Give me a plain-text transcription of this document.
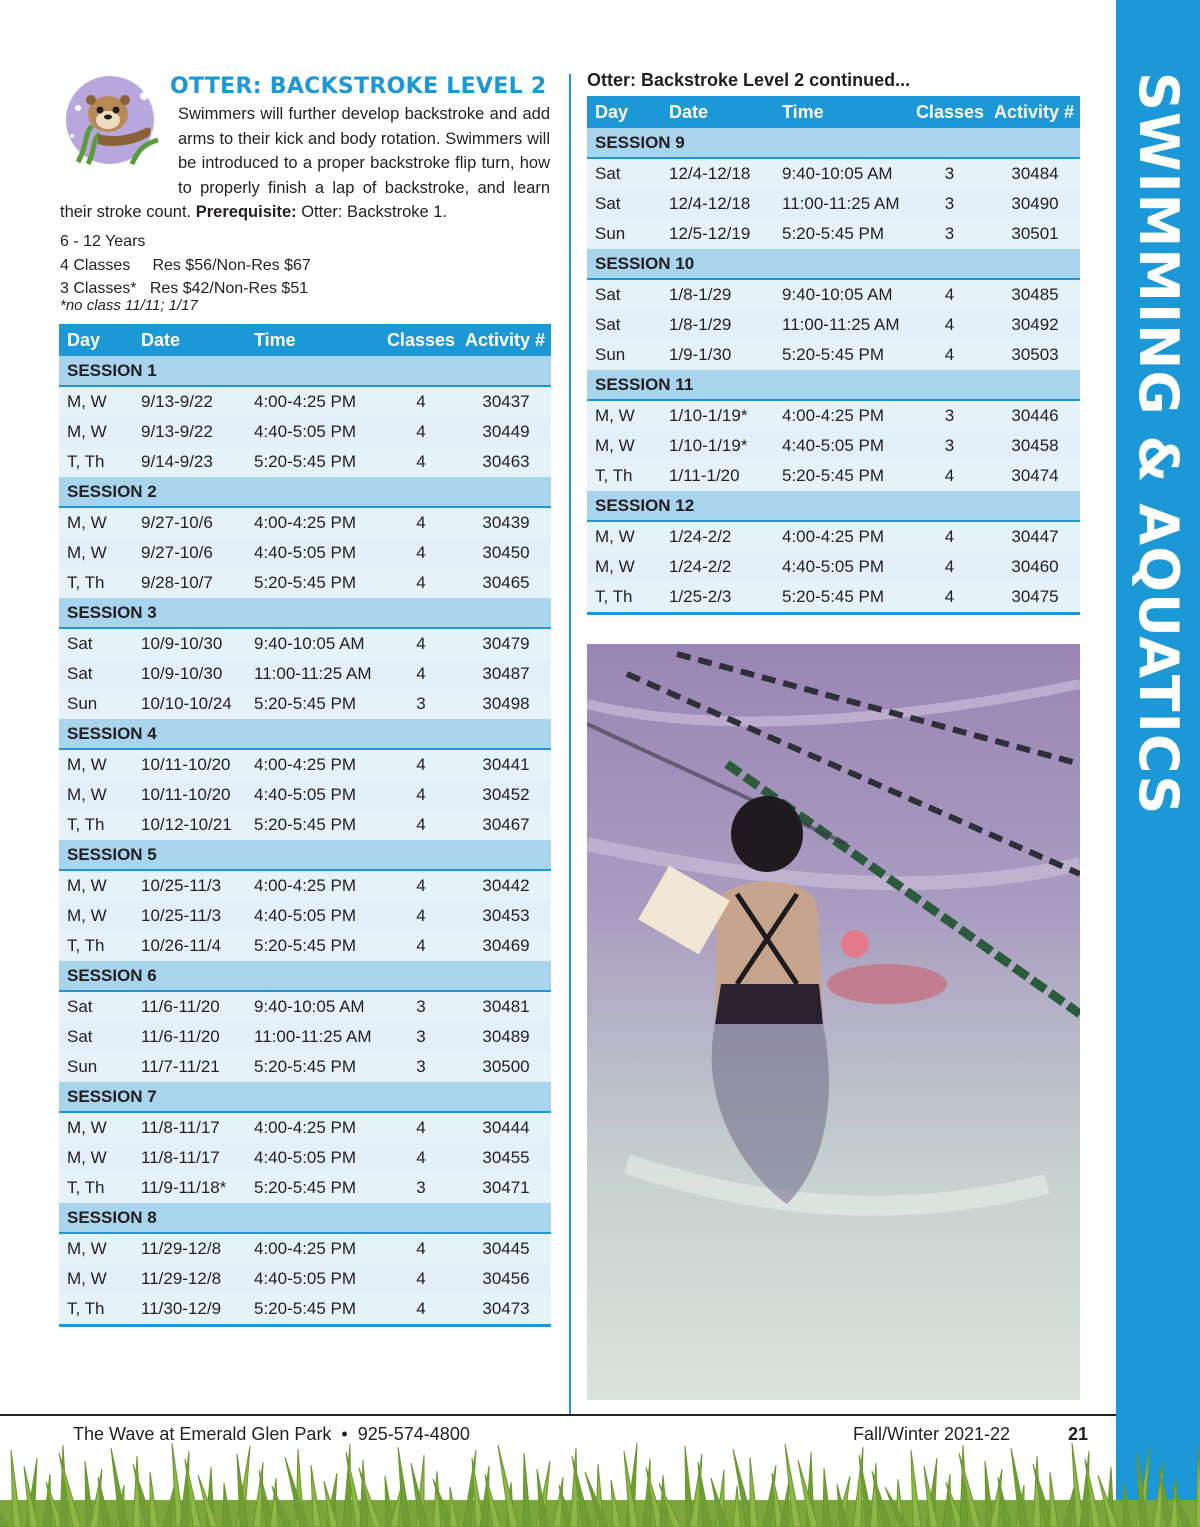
SWIMMING & AQUATICS
OTTER: BACKSTROKE LEVEL 2
Swimmers will further develop backstroke and add arms to their kick and body rotation. Swimmers will be introduced to a proper backstroke flip turn, how to properly finish a lap of backstroke, and learn their stroke count. Prerequisite: Otter: Backstroke 1.
6 - 12 Years
4 Classes     Res $56/Non-Res $67
3 Classes*   Res $42/Non-Res $51
*no class 11/11; 1/17
Day	Date	Time	Classes	Activity #
SESSION 1				
M, W	9/13-9/22	4:00-4:25 PM	4	30437
M, W	9/13-9/22	4:40-5:05 PM	4	30449
T, Th	9/14-9/23	5:20-5:45 PM	4	30463
SESSION 2				
M, W	9/27-10/6	4:00-4:25 PM	4	30439
M, W	9/27-10/6	4:40-5:05 PM	4	30450
T, Th	9/28-10/7	5:20-5:45 PM	4	30465
SESSION 3				
Sat	10/9-10/30	9:40-10:05 AM	4	30479
Sat	10/9-10/30	11:00-11:25 AM	4	30487
Sun	10/10-10/24	5:20-5:45 PM	3	30498
SESSION 4				
M, W	10/11-10/20	4:00-4:25 PM	4	30441
M, W	10/11-10/20	4:40-5:05 PM	4	30452
T, Th	10/12-10/21	5:20-5:45 PM	4	30467
SESSION 5				
M, W	10/25-11/3	4:00-4:25 PM	4	30442
M, W	10/25-11/3	4:40-5:05 PM	4	30453
T, Th	10/26-11/4	5:20-5:45 PM	4	30469
SESSION 6				
Sat	11/6-11/20	9:40-10:05 AM	3	30481
Sat	11/6-11/20	11:00-11:25 AM	3	30489
Sun	11/7-11/21	5:20-5:45 PM	3	30500
SESSION 7				
M, W	11/8-11/17	4:00-4:25 PM	4	30444
M, W	11/8-11/17	4:40-5:05 PM	4	30455
T, Th	11/9-11/18*	5:20-5:45 PM	3	30471
SESSION 8				
M, W	11/29-12/8	4:00-4:25 PM	4	30445
M, W	11/29-12/8	4:40-5:05 PM	4	30456
T, Th	11/30-12/9	5:20-5:45 PM	4	30473
Otter: Backstroke Level 2 continued...
Day	Date	Time	Classes	Activity #
SESSION 9				
Sat	12/4-12/18	9:40-10:05 AM	3	30484
Sat	12/4-12/18	11:00-11:25 AM	3	30490
Sun	12/5-12/19	5:20-5:45 PM	3	30501
SESSION 10				
Sat	1/8-1/29	9:40-10:05 AM	4	30485
Sat	1/8-1/29	11:00-11:25 AM	4	30492
Sun	1/9-1/30	5:20-5:45 PM	4	30503
SESSION 11				
M, W	1/10-1/19*	4:00-4:25 PM	3	30446
M, W	1/10-1/19*	4:40-5:05 PM	3	30458
T, Th	1/11-1/20	5:20-5:45 PM	4	30474
SESSION 12				
M, W	1/24-2/2	4:00-4:25 PM	4	30447
M, W	1/24-2/2	4:40-5:05 PM	4	30460
T, Th	1/25-2/3	5:20-5:45 PM	4	30475
The Wave at Emerald Glen Park  •  925-574-4800	Fall/Winter 2021-22	21
